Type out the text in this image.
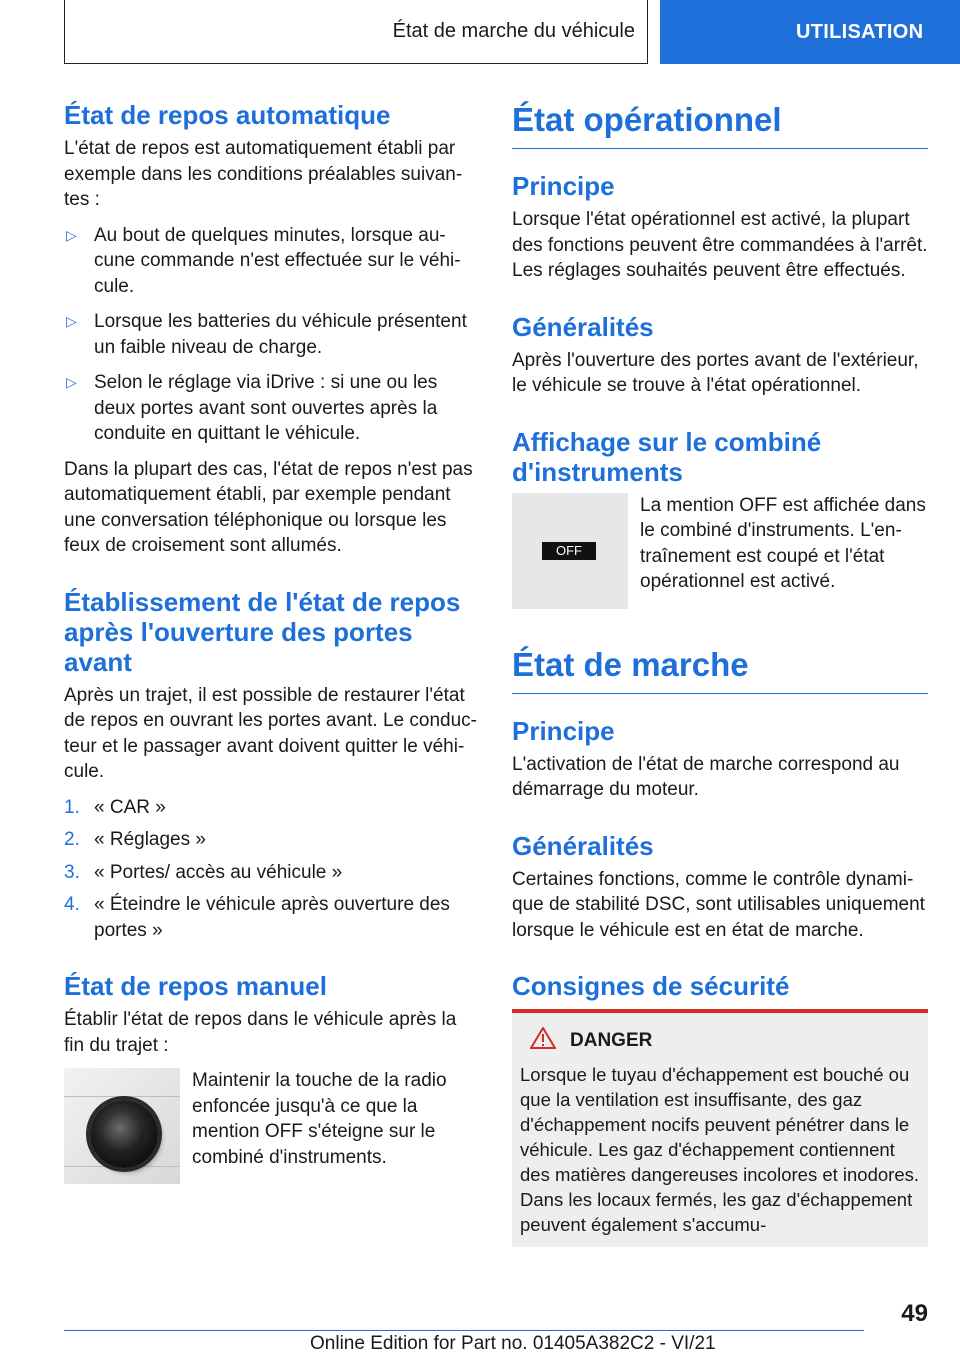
État de marche du véhicule	UTILISATION
État de repos automatique

L'état de repos est automatiquement établi par exemple dans les conditions préalables suivantes :

▷ Au bout de quelques minutes, lorsque aucune commande n'est effectuée sur le véhicule.
▷ Lorsque les batteries du véhicule présentent un faible niveau de charge.
▷ Selon le réglage via iDrive : si une ou les deux portes avant sont ouvertes après la conduite en quittant le véhicule.

Dans la plupart des cas, l'état de repos n'est pas automatiquement établi, par exemple pendant une conversation téléphonique ou lorsque les feux de croisement sont allumés.

Établissement de l'état de repos après l'ouverture des portes avant

Après un trajet, il est possible de restaurer l'état de repos en ouvrant les portes avant. Le conducteur et le passager avant doivent quitter le véhicule.

1. « CAR »
2. « Réglages »
3. « Portes/ accès au véhicule »
4. « Éteindre le véhicule après ouverture des portes »
État de repos manuel

Établir l'état de repos dans le véhicule après la fin du trajet :

Maintenir la touche de la radio enfoncée jusqu'à ce que la mention OFF s'éteigne sur le combiné d'instruments.

État opérationnel
Principe

Lorsque l'état opérationnel est activé, la plupart des fonctions peuvent être commandées à l'arrêt. Les réglages souhaités peuvent être effectués.

Généralités

Après l'ouverture des portes avant de l'extérieur, le véhicule se trouve à l'état opérationnel.

Affichage sur le combiné d'instruments
OFF

La mention OFF est affichée dans le combiné d'instruments. L'entraînement est coupé et l'état opérationnel est activé.

État de marche
Principe

L'activation de l'état de marche correspond au démarrage du moteur.

Généralités

Certaines fonctions, comme le contrôle dynamique de stabilité DSC, sont utilisables uniquement lorsque le véhicule est en état de marche.

Consignes de sécurité
DANGER

Lorsque le tuyau d'échappement est bouché ou que la ventilation est insuffisante, des gaz d'échappement nocifs peuvent pénétrer dans le véhicule. Les gaz d'échappement contiennent des matières dangereuses incolores et inodores. Dans les locaux fermés, les gaz d'échappement peuvent également s'accumu-

49
Online Edition for Part no. 01405A382C2 - VI/21
